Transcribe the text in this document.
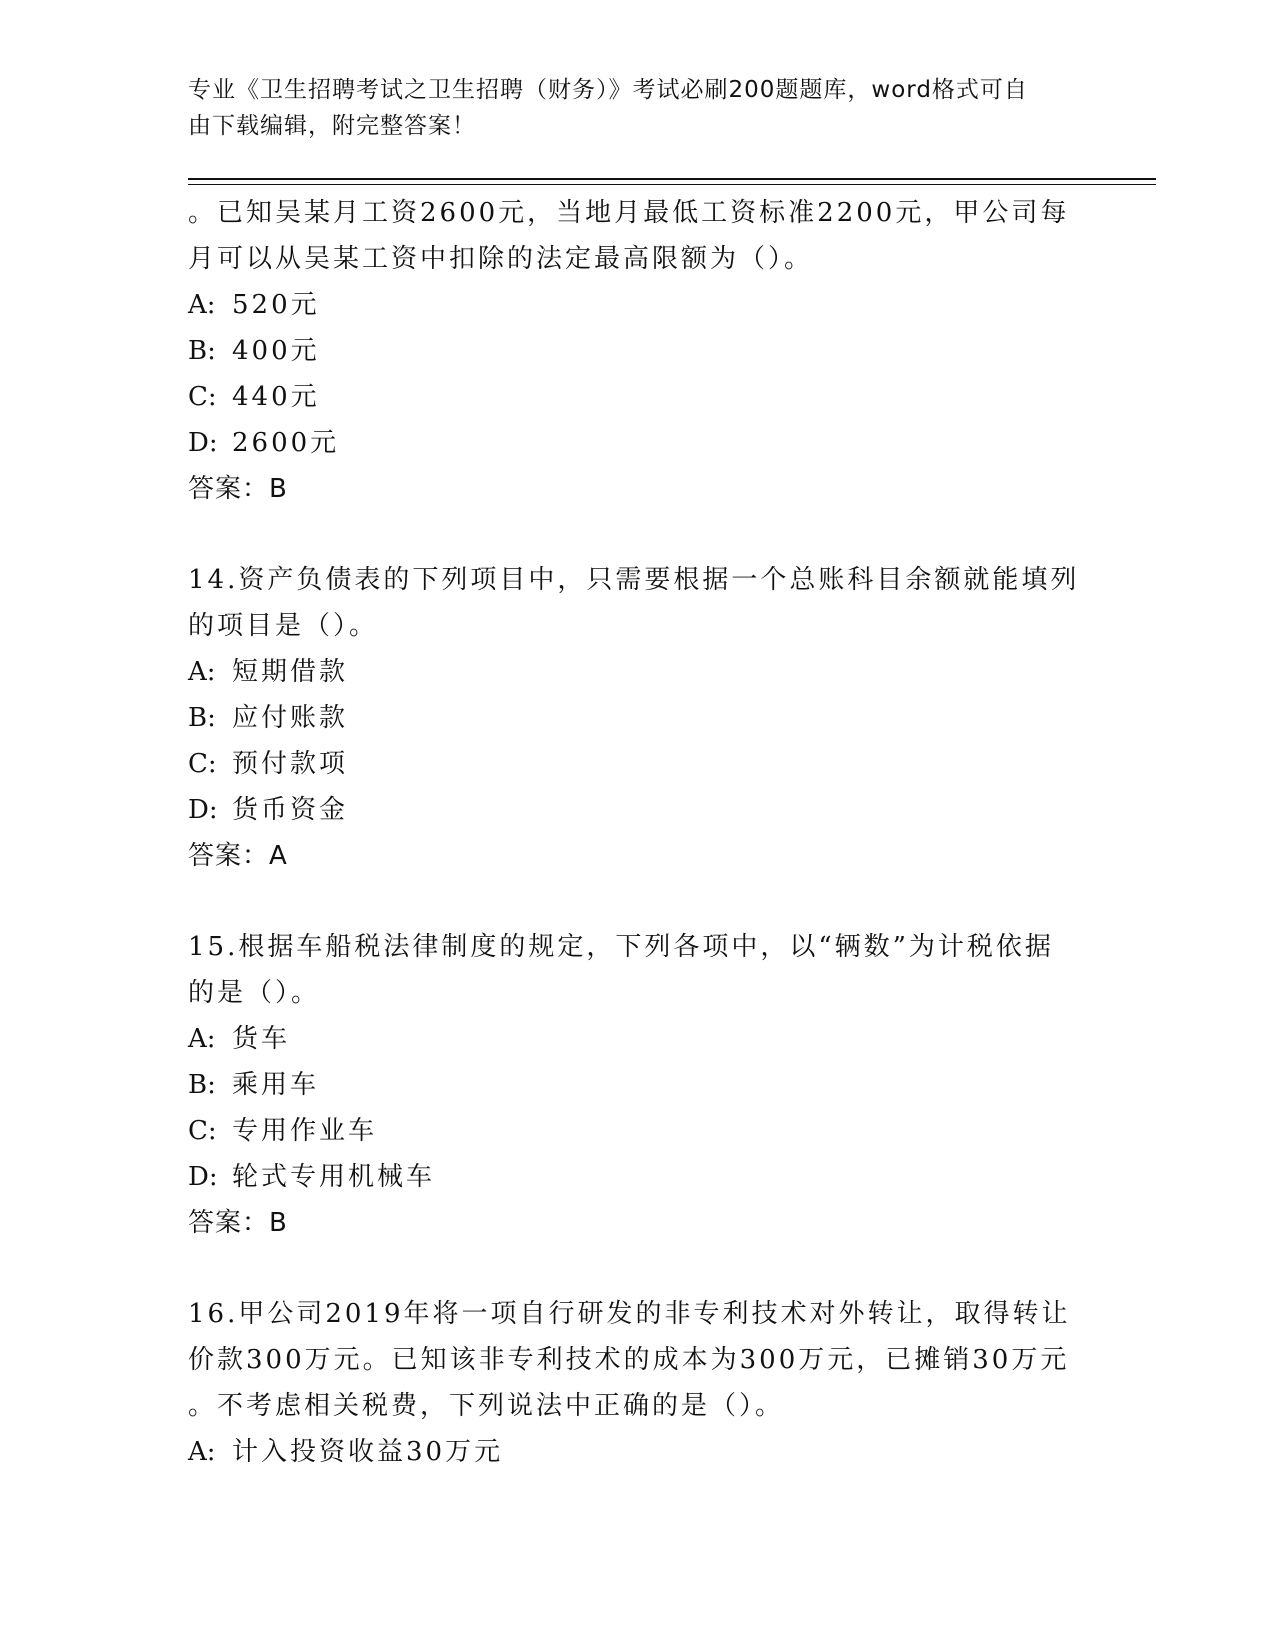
专业《卫生招聘考试之卫生招聘（财务）》考试必刷200题题库，word格式可自
由下载编辑，附完整答案！
。已知吴某月工资2600元，当地月最低工资标准2200元，甲公司每
月可以从吴某工资中扣除的法定最高限额为（）。
A: 520元
B: 400元
C: 440元
D: 2600元
答案：B
14.资产负债表的下列项目中，只需要根据一个总账科目余额就能填列
的项目是（）。
A: 短期借款
B: 应付账款
C: 预付款项
D: 货币资金
答案：A
15.根据车船税法律制度的规定，下列各项中，以“辆数”为计税依据
的是（）。
A: 货车
B: 乘用车
C: 专用作业车
D: 轮式专用机械车
答案：B
16.甲公司2019年将一项自行研发的非专利技术对外转让，取得转让
价款300万元。已知该非专利技术的成本为300万元，已摊销30万元
。不考虑相关税费，下列说法中正确的是（）。
A: 计入投资收益30万元
